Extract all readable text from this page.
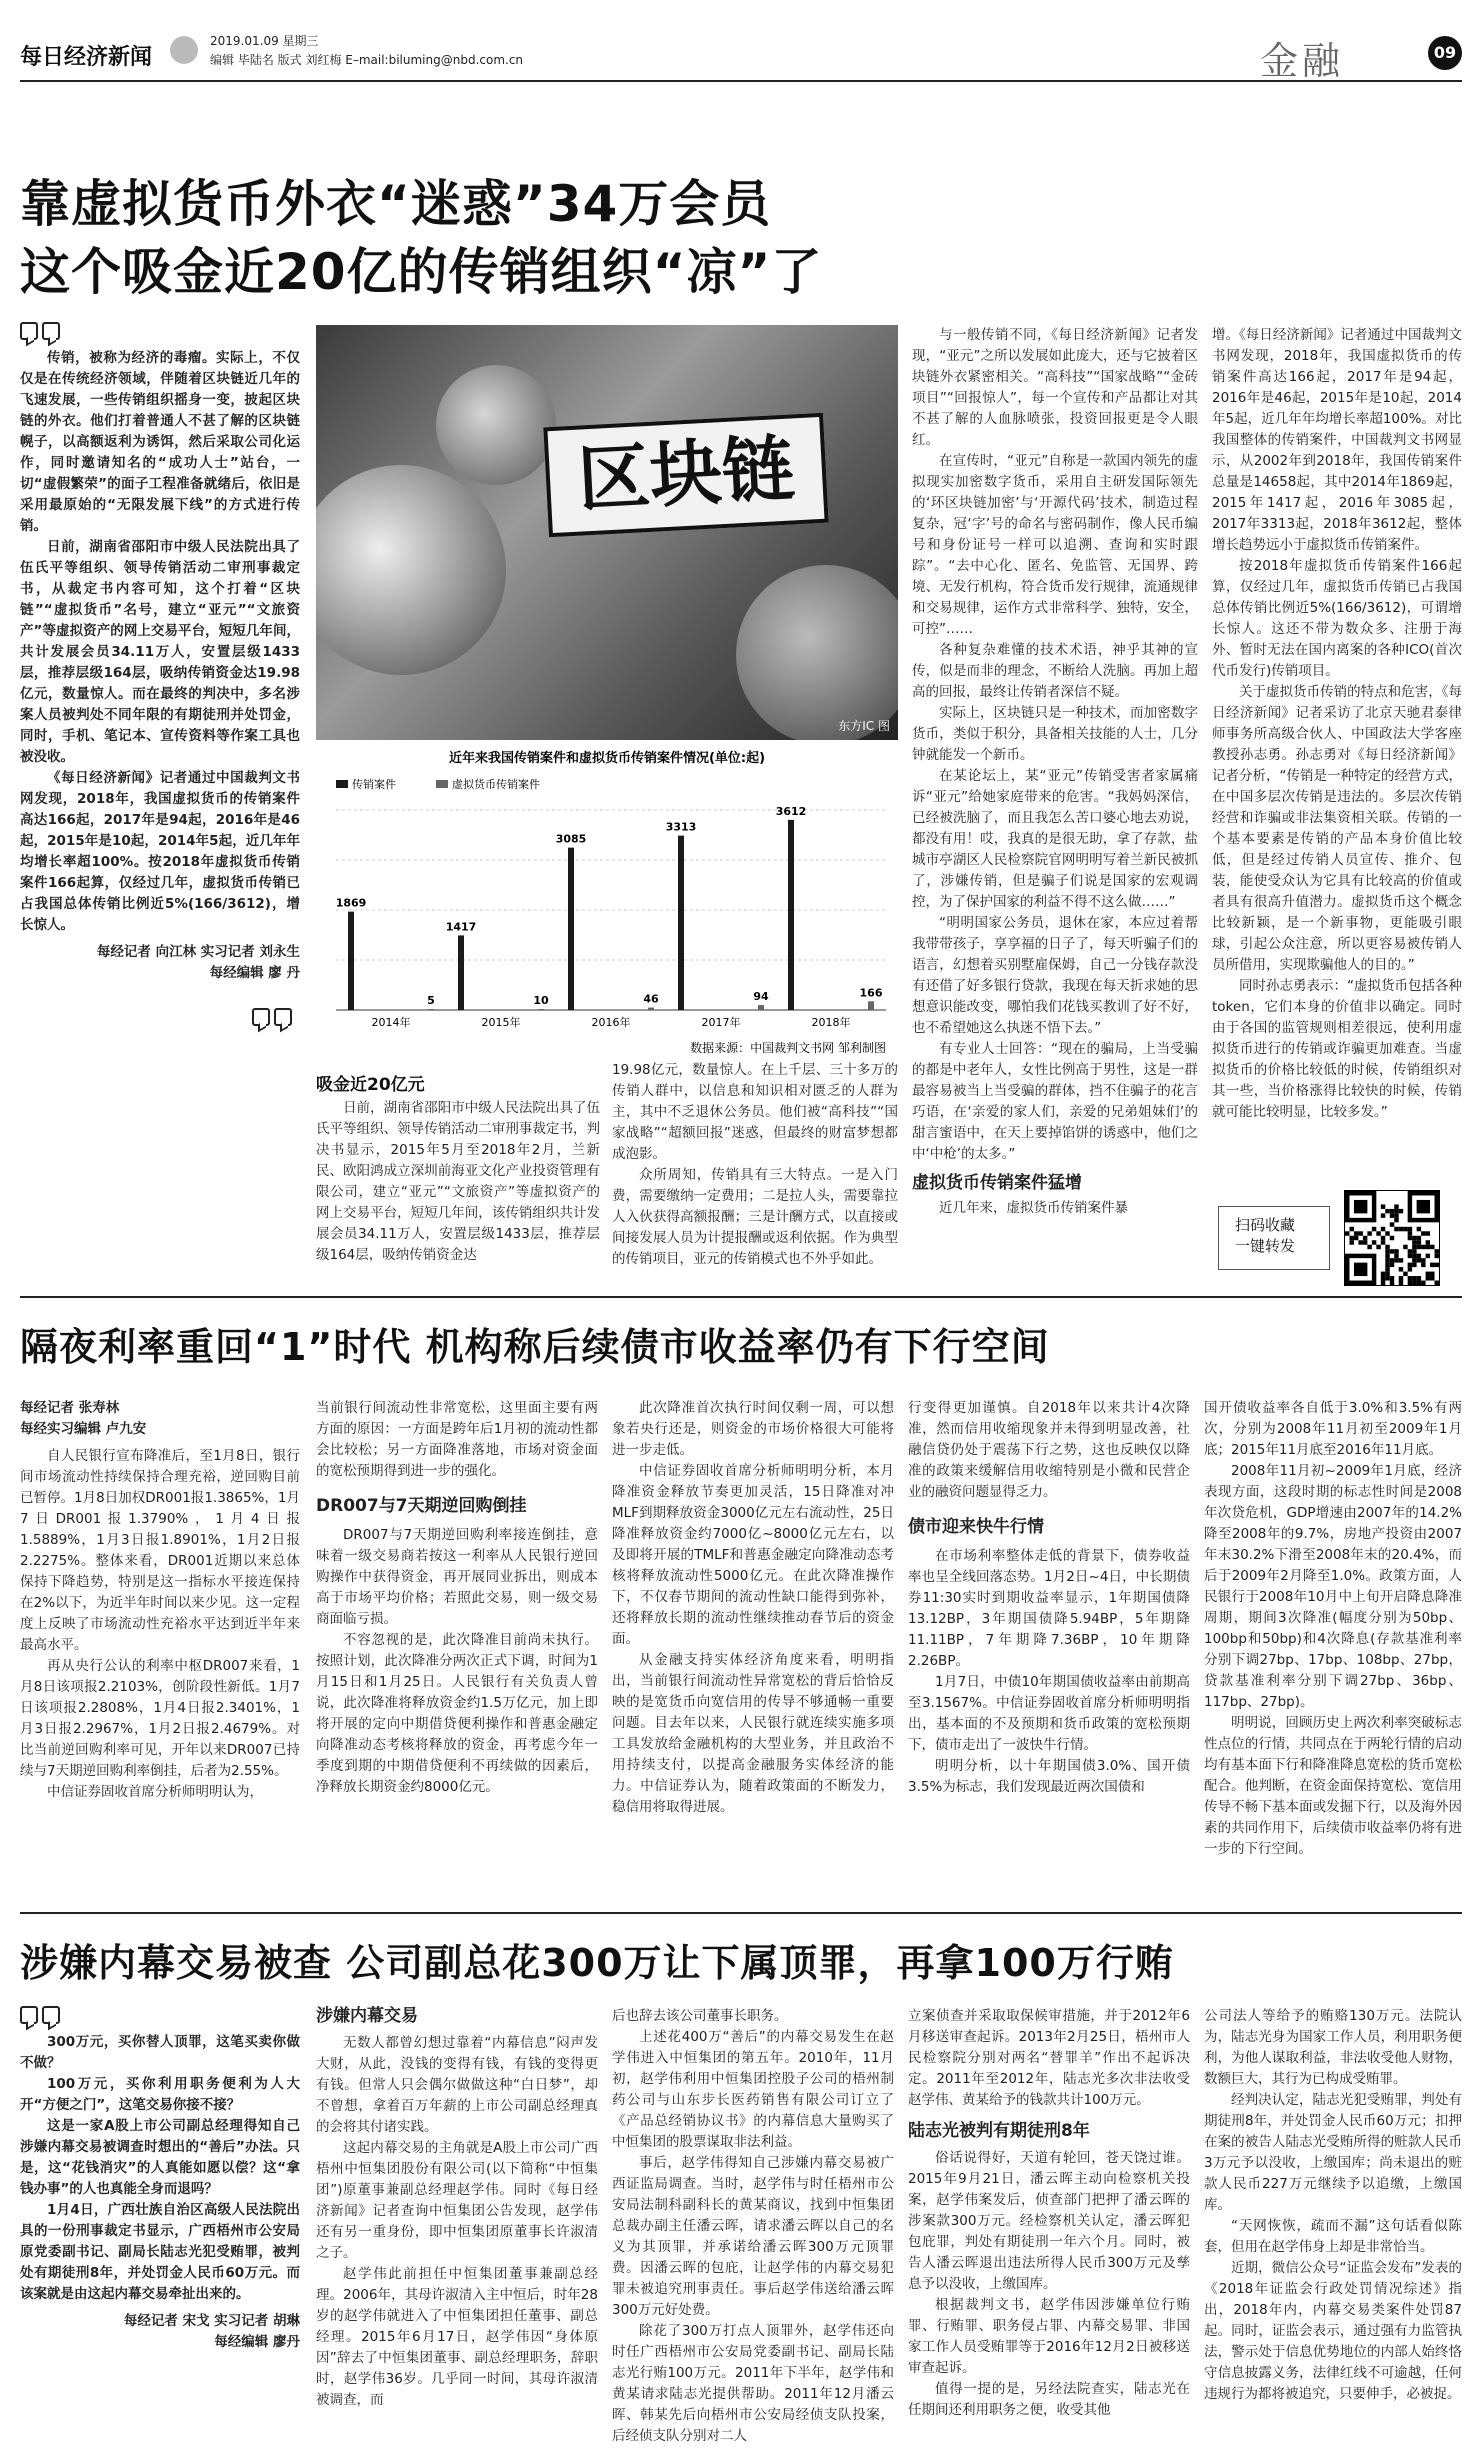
每日经济新闻
2019.01.09 星期三
编辑 毕陆名 版式 刘红梅 E–mail:biluming@nbd.com.cn	金融	09
靠虚拟货币外衣“迷惑”34万会员
这个吸金近20亿的传销组织“凉”了

传销，被称为经济的毒瘤。实际上，不仅仅是在传统经济领域，伴随着区块链近几年的飞速发展，一些传销组织摇身一变，披起区块链的外衣。他们打着普通人不甚了解的区块链幌子，以高额返利为诱饵，然后采取公司化运作，同时邀请知名的“成功人士”站台，一切“虚假繁荣”的面子工程准备就绪后，依旧是采用最原始的“无限发展下线”的方式进行传销。

日前，湖南省邵阳市中级人民法院出具了伍氏平等组织、领导传销活动二审刑事裁定书，从裁定书内容可知，这个打着“区块链”“虚拟货币”名号，建立“亚元”“文旅资产”等虚拟资产的网上交易平台，短短几年间，共计发展会员34.11万人，安置层级1433层，推荐层级164层，吸纳传销资金达19.98亿元，数量惊人。而在最终的判决中，多名涉案人员被判处不同年限的有期徒刑并处罚金，同时，手机、笔记本、宣传资料等作案工具也被没收。

《每日经济新闻》记者通过中国裁判文书网发现，2018年，我国虚拟货币的传销案件高达166起，2017年是94起，2016年是46起，2015年是10起，2014年5起，近几年年均增长率超100%。按2018年虚拟货币传销案件166起算，仅经过几年，虚拟货币传销已占我国总体传销比例近5%(166/3612)，增长惊人。

每经记者 向江林 实习记者 刘永生

每经编辑 廖 丹

区块链
东方IC 图
近年来我国传销案件和虚拟货币传销案件情况(单位:起)
传销案件	虚拟货币传销案件
1869
5
1417
10
3085
46
3313
94
3612
166
2014年	2015年	2016年	2017年	2018年
数据来源：中国裁判文书网 邹利制图
吸金近20亿元
日前，湖南省邵阳市中级人民法院出具了伍氏平等组织、领导传销活动二审刑事裁定书，判决书显示，2015年5月至2018年2月，兰新民、欧阳鸿成立深圳前海亚文化产业投资管理有限公司，建立“亚元”“文旅资产”等虚拟资产的网上交易平台，短短几年间，该传销组织共计发展会员34.11万人，安置层级1433层，推荐层级164层，吸纳传销资金达

19.98亿元，数量惊人。在上千层、三十多万的传销人群中，以信息和知识相对匮乏的人群为主，其中不乏退休公务员。他们被“高科技”“国家战略”“超额回报”迷惑，但最终的财富梦想都成泡影。

众所周知，传销具有三大特点。一是入门费，需要缴纳一定费用；二是拉人头，需要靠拉人入伙获得高额报酬；三是计酬方式，以直接或间接发展人员为计提报酬或返利依据。作为典型的传销项目，亚元的传销模式也不外乎如此。

与一般传销不同，《每日经济新闻》记者发现，“亚元”之所以发展如此庞大，还与它披着区块链外衣紧密相关。“高科技”“国家战略”“金砖项目”“回报惊人”，每一个宣传和产品都让对其不甚了解的人血脉喷张，投资回报更是令人眼红。

在宣传时，“亚元”自称是一款国内领先的虚拟现实加密数字货币，采用自主研发国际领先的‘环区块链加密’与‘开源代码’技术，制造过程复杂，冠‘字’号的命名与密码制作，像人民币编号和身份证号一样可以追溯、查询和实时跟踪”。“去中心化、匿名、免监管、无国界、跨境、无发行机构，符合货币发行规律，流通规律和交易规律，运作方式非常科学、独特，安全，可控”……

各种复杂难懂的技术术语，神乎其神的宣传，似是而非的理念，不断给人洗脑。再加上超高的回报，最终让传销者深信不疑。

实际上，区块链只是一种技术，而加密数字货币，类似于积分，具备相关技能的人士，几分钟就能发一个新币。

在某论坛上，某“亚元”传销受害者家属痛诉“亚元”给她家庭带来的危害。“我妈妈深信，已经被洗脑了，而且我怎么苦口婆心地去劝说，都没有用！哎，我真的是很无助，拿了存款，盐城市亭湖区人民检察院官网明明写着兰新民被抓了，涉嫌传销，但是骗子们说是国家的宏观调控，为了保护国家的利益不得不这么做……”

“明明国家公务员，退休在家，本应过着帮我带带孩子，享享福的日子了，每天听骗子们的语言，幻想着买别墅雇保姆，自己一分钱存款没有还借了好多银行贷款，我现在每天折求她的思想意识能改变，哪怕我们花钱买教训了好不好，也不希望她这么执迷不悟下去。”

有专业人士回答：“现在的骗局，上当受骗的都是中老年人，女性比例高于男性，这是一群最容易被当上当受骗的群体，挡不住骗子的花言巧语，在‘亲爱的家人们，亲爱的兄弟姐妹们’的甜言蜜语中，在天上要掉馅饼的诱惑中，他们之中‘中枪’的太多。”

虚拟货币传销案件猛增

近几年来，虚拟货币传销案件暴

增。《每日经济新闻》记者通过中国裁判文书网发现，2018年，我国虚拟货币的传销案件高达166起，2017年是94起，2016年是46起，2015年是10起，2014年5起，近几年年均增长率超100%。对比我国整体的传销案件，中国裁判文书网显示，从2002年到2018年，我国传销案件总量是14658起，其中2014年1869起，2015年1417起，2016年3085起，2017年3313起，2018年3612起，整体增长趋势远小于虚拟货币传销案件。

按2018年虚拟货币传销案件166起算，仅经过几年，虚拟货币传销已占我国总体传销比例近5%(166/3612)，可谓增长惊人。这还不带为数众多、注册于海外、暂时无法在国内离案的各种ICO(首次代币发行)传销项目。

关于虚拟货币传销的特点和危害，《每日经济新闻》记者采访了北京天驰君泰律师事务所高级合伙人、中国政法大学客座教授孙志勇。孙志勇对《每日经济新闻》记者分析，“传销是一种特定的经营方式，在中国多层次传销是违法的。多层次传销经营和诈骗或非法集资相关联。传销的一个基本要素是传销的产品本身价值比较低，但是经过传销人员宣传、推介、包装，能使受众认为它具有比较高的价值或者具有很高升值潜力。虚拟货币这个概念比较新颖，是一个新事物，更能吸引眼球，引起公众注意，所以更容易被传销人员所借用，实现欺骗他人的目的。”

同时孙志勇表示：“虚拟货币包括各种token，它们本身的价值非以确定。同时由于各国的监管规则相差很远，使利用虚拟货币进行的传销或诈骗更加难查。当虚拟货币的价格比较低的时候，传销组织对其一些，当价格涨得比较快的时候，传销就可能比较明显，比较多发。”

扫码收藏
一键转发
隔夜利率重回“1”时代 机构称后续债市收益率仍有下行空间

每经记者 张寿林

每经实习编辑 卢九安

自人民银行宣布降准后，至1月8日，银行间市场流动性持续保持合理充裕，逆回购目前已暂停。1月8日加权DR001报1.3865%，1月7日DR001报1.3790%，1月4日报1.5889%，1月3日报1.8901%，1月2日报2.2275%。整体来看，DR001近期以来总体保持下降趋势，特别是这一指标水平接连保持在2%以下，为近半年时间以来少见。这一定程度上反映了市场流动性充裕水平达到近半年来最高水平。

再从央行公认的利率中枢DR007来看，1月8日该项报2.2103%，创阶段性新低。1月7日该项报2.2808%，1月4日报2.3401%，1月3日报2.2967%，1月2日报2.4679%。对比当前逆回购利率可见，开年以来DR007已持续与7天期逆回购利率倒挂，后者为2.55%。

中信证券固收首席分析师明明认为，

当前银行间流动性非常宽松，这里面主要有两方面的原因：一方面是跨年后1月初的流动性都会比较松；另一方面降准落地，市场对资金面的宽松预期得到进一步的强化。

DR007与7天期逆回购倒挂

DR007与7天期逆回购利率接连倒挂，意味着一级交易商若按这一利率从人民银行逆回购操作中获得资金，再开展同业拆出，则成本高于市场平均价格；若照此交易，则一级交易商面临亏损。

不容忽视的是，此次降准目前尚未执行。按照计划，此次降准分两次正式下调，时间为1月15日和1月25日。人民银行有关负责人曾说，此次降准将释放资金约1.5万亿元，加上即将开展的定向中期借贷便利操作和普惠金融定向降准动态考核将释放的资金，再考虑今年一季度到期的中期借贷便利不再续做的因素后，净释放长期资金约8000亿元。

此次降准首次执行时间仅剩一周，可以想象若央行还是，则资金的市场价格很大可能将进一步走低。

中信证券固收首席分析师明明分析，本月降准资金释放节奏更加灵活，15日降准对冲MLF到期释放资金3000亿元左右流动性，25日降准释放资金约7000亿~8000亿元左右，以及即将开展的TMLF和普惠金融定向降准动态考核将释放流动性5000亿元。在此次降准操作下，不仅春节期间的流动性缺口能得到弥补，还将释放长期的流动性继续推动春节后的资金面。

从金融支持实体经济角度来看，明明指出，当前银行间流动性异常宽松的背后恰恰反映的是宽货币向宽信用的传导不够通畅一重要问题。目去年以来，人民银行就连续实施多项工具发放给金融机构的大型业务，并且政治不用持续支付，以提高金融服务实体经济的能力。中信证券认为，随着政策面的不断发力，稳信用将取得进展。

行变得更加谨慎。自2018年以来共计4次降准，然而信用收缩现象并未得到明显改善，社融信贷仍处于震荡下行之势，这也反映仅以降准的政策来缓解信用收缩特别是小微和民营企业的融资问题显得乏力。

债市迎来快牛行情

在市场利率整体走低的背景下，债券收益率也呈全线回落态势。1月2日~4日，中长期债券11:30实时到期收益率显示，1年期国债降13.12BP，3年期国债降5.94BP，5年期降11.11BP，7年期降7.36BP，10年期降2.26BP。

1月7日，中债10年期国债收益率由前期高至3.1567%。中信证券固收首席分析师明明指出，基本面的不及预期和货币政策的宽松预期下，债市走出了一波快牛行情。

明明分析，以十年期国债3.0%、国开债3.5%为标志，我们发现最近两次国债和

国开债收益率各自低于3.0%和3.5%有两次，分别为2008年11月初至2009年1月底；2015年11月底至2016年11月底。

2008年11月初~2009年1月底，经济表现方面，这段时期的标志性时间是2008年次贷危机，GDP增速由2007年的14.2%降至2008年的9.7%，房地产投资由2007年末30.2%下滑至2008年末的20.4%，而后于2009年2月降至1.0%。政策方面，人民银行于2008年10月中上旬开启降息降准周期，期间3次降准(幅度分别为50bp、100bp和50bp)和4次降息(存款基准利率分别下调27bp、17bp、108bp、27bp，贷款基准利率分别下调27bp、36bp、117bp、27bp)。

明明说，回顾历史上两次利率突破标志性点位的行情，共同点在于两轮行情的启动均有基本面下行和降准降息宽松的货币宽松配合。他判断，在资金面保持宽松、宽信用传导不畅下基本面或发掘下行，以及海外因素的共同作用下，后续债市收益率仍将有进一步的下行空间。

涉嫌内幕交易被查 公司副总花300万让下属顶罪，再拿100万行贿

300万元，买你替人顶罪，这笔买卖你做不做？

100万元，买你利用职务便利为人大开“方便之门”，这笔交易你接不接？

这是一家A股上市公司副总经理得知自己涉嫌内幕交易被调查时想出的“善后”办法。只是，这“花钱消灾”的人真能如愿以偿？这“拿钱办事”的人也真能全身而退吗？

1月4日，广西壮族自治区高级人民法院出具的一份刑事裁定书显示，广西梧州市公安局原党委副书记、副局长陆志光犯受贿罪，被判处有期徒刑8年，并处罚金人民币60万元。而该案就是由这起内幕交易牵扯出来的。

每经记者 宋戈 实习记者 胡琳

每经编辑 廖丹

涉嫌内幕交易

无数人都曾幻想过靠着“内幕信息”闷声发大财，从此，没钱的变得有钱，有钱的变得更有钱。但常人只会偶尔做做这种“白日梦”，却不曾想，拿着百万年薪的上市公司副总经理真的会将其付诸实践。

这起内幕交易的主角就是A股上市公司广西梧州中恒集团股份有限公司(以下简称“中恒集团”)原董事兼副总经理赵学伟。同时《每日经济新闻》记者查询中恒集团公告发现，赵学伟还有另一重身份，即中恒集团原董事长许淑清之子。

赵学伟此前担任中恒集团董事兼副总经理。2006年，其母许淑清入主中恒后，时年28岁的赵学伟就进入了中恒集团担任董事、副总经理。2015年6月17日，赵学伟因“身体原因”辞去了中恒集团董事、副总经理职务，辞职时，赵学伟36岁。几乎同一时间，其母许淑清被调查，而

后也辞去该公司董事长职务。

上述花400万“善后”的内幕交易发生在赵学伟进入中恒集团的第五年。2010年，11月初，赵学伟利用中恒集团控股子公司的梧州制药公司与山东步长医药销售有限公司订立了《产品总经销协议书》的内幕信息大量购买了中恒集团的股票谋取非法利益。

事后，赵学伟得知自己涉嫌内幕交易被广西证监局调查。当时，赵学伟与时任梧州市公安局法制科副科长的黄某商议，找到中恒集团总裁办副主任潘云晖，请求潘云晖以自己的名义为其顶罪，并承诺给潘云晖300万元顶罪费。因潘云晖的包庇，让赵学伟的内幕交易犯罪未被追究刑事责任。事后赵学伟送给潘云晖300万元好处费。

除花了300万打点人顶罪外，赵学伟还向时任广西梧州市公安局党委副书记、副局长陆志光行贿100万元。2011年下半年，赵学伟和黄某请求陆志光提供帮助。2011年12月潘云晖、韩某先后向梧州市公安局经侦支队投案，后经侦支队分别对二人

立案侦查并采取取保候审措施，并于2012年6月移送审查起诉。2013年2月25日，梧州市人民检察院分别对两名“替罪羊”作出不起诉决定。2011年至2012年，陆志光多次非法收受赵学伟、黄某给予的钱款共计100万元。

陆志光被判有期徒刑8年

俗话说得好，天道有轮回，苍天饶过谁。2015年9月21日，潘云晖主动向检察机关投案，赵学伟案发后，侦查部门把押了潘云晖的涉案款300万元。经检察机关认定，潘云晖犯包庇罪，判处有期徒刑一年六个月。同时，被告人潘云晖退出违法所得人民币300万元及孳息予以没收，上缴国库。

根据裁判文书，赵学伟因涉嫌单位行贿罪、行贿罪、职务侵占罪、内幕交易罪、非国家工作人员受贿罪等于2016年12月2日被移送审查起诉。

值得一提的是，另经法院查实，陆志光在任期间还利用职务之便，收受其他

公司法人等给予的贿赂130万元。法院认为，陆志光身为国家工作人员，利用职务便利，为他人谋取利益，非法收受他人财物，数额巨大，其行为已构成受贿罪。

经判决认定，陆志光犯受贿罪，判处有期徒刑8年，并处罚金人民币60万元；扣押在案的被告人陆志光受贿所得的赃款人民币3万元予以没收，上缴国库；尚未退出的赃款人民币227万元继续予以追缴，上缴国库。

“天网恢恢，疏而不漏”这句话看似陈套，但用在赵学伟身上却是非常恰当。

近期，微信公众号“证监会发布”发表的《2018年证监会行政处罚情况综述》指出，2018年内，内幕交易类案件处罚87起。同时，证监会表示，通过强有力监管执法，警示处于信息优势地位的内部人始终恪守信息披露义务，法律红线不可逾越，任何违规行为都将被追究，只要伸手，必被捉。
